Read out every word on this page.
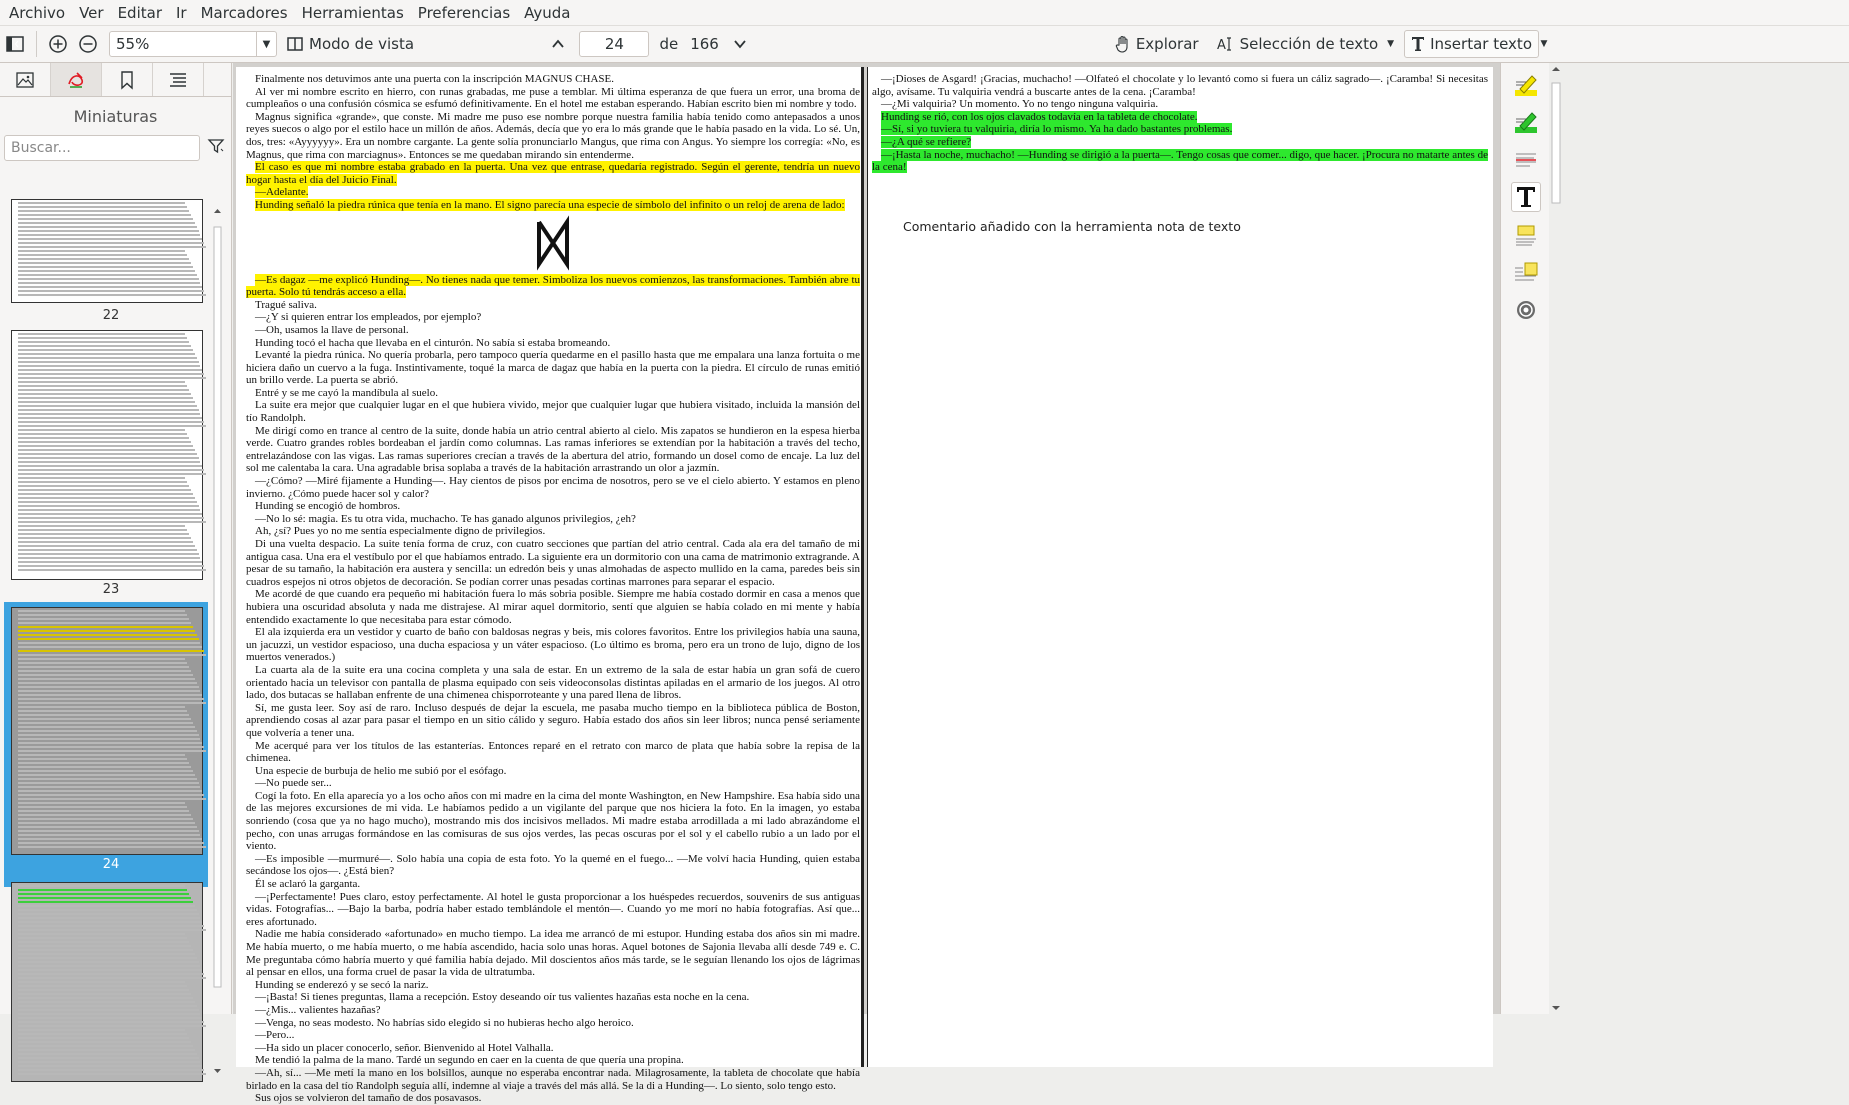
Archivo Ver Editar Ir Marcadores Herramientas Preferencias Ayuda
55%	▼	Modo de vista	24	de 166	Explorar A Selección de texto ▼ Insertar texto ▼
Miniaturas
Buscar...
22
23
24
Finalmente nos detuvimos ante una puerta con la inscripción MAGNUS CHASE.
Al ver mi nombre escrito en hierro, con runas grabadas, me puse a temblar. Mi última esperanza de que fuera un error, una broma de cumpleaños o una confusión cósmica se esfumó definitivamente. En el hotel me estaban esperando. Habían escrito bien mi nombre y todo.
Magnus significa «grande», que conste. Mi madre me puso ese nombre porque nuestra familia había tenido como antepasados a unos reyes suecos o algo por el estilo hace un millón de años. Además, decía que yo era lo más grande que le había pasado en la vida. Lo sé. Un, dos, tres: «Ayyyyyy». Era un nombre cargante. La gente solía pronunciarlo Mangus, que rima con Angus. Yo siempre los corregía: «No, es Magnus, que rima con marciagnus». Entonces se me quedaban mirando sin entenderme.
El caso es que mi nombre estaba grabado en la puerta. Una vez que entrase, quedaría registrado. Según el gerente, tendría un nuevo hogar hasta el día del Juicio Final.
—Adelante.
Hunding señaló la piedra rúnica que tenía en la mano. El signo parecía una especie de símbolo del infinito o un reloj de arena de lado:
—Es dagaz —me explicó Hunding—. No tienes nada que temer. Simboliza los nuevos comienzos, las transformaciones. También abre tu puerta. Solo tú tendrás acceso a ella.
Tragué saliva.
—¿Y si quieren entrar los empleados, por ejemplo?
—Oh, usamos la llave de personal.
Hunding tocó el hacha que llevaba en el cinturón. No sabía si estaba bromeando.
Levanté la piedra rúnica. No quería probarla, pero tampoco quería quedarme en el pasillo hasta que me empalara una lanza fortuita o me hiciera daño un cuervo a la fuga. Instintivamente, toqué la marca de dagaz que había en la puerta con la piedra. El círculo de runas emitió un brillo verde. La puerta se abrió.
Entré y se me cayó la mandíbula al suelo.
La suite era mejor que cualquier lugar en el que hubiera vivido, mejor que cualquier lugar que hubiera visitado, incluida la mansión del tío Randolph.
Me dirigí como en trance al centro de la suite, donde había un atrio central abierto al cielo. Mis zapatos se hundieron en la espesa hierba verde. Cuatro grandes robles bordeaban el jardín como columnas. Las ramas inferiores se extendían por la habitación a través del techo, entrelazándose con las vigas. Las ramas superiores crecían a través de la abertura del atrio, formando un dosel como de encaje. La luz del sol me calentaba la cara. Una agradable brisa soplaba a través de la habitación arrastrando un olor a jazmín.
—¿Cómo? —Miré fijamente a Hunding—. Hay cientos de pisos por encima de nosotros, pero se ve el cielo abierto. Y estamos en pleno invierno. ¿Cómo puede hacer sol y calor?
Hunding se encogió de hombros.
—No lo sé: magia. Es tu otra vida, muchacho. Te has ganado algunos privilegios, ¿eh?
Ah, ¿sí? Pues yo no me sentía especialmente digno de privilegios.
Di una vuelta despacio. La suite tenía forma de cruz, con cuatro secciones que partían del atrio central. Cada ala era del tamaño de mi antigua casa. Una era el vestíbulo por el que habíamos entrado. La siguiente era un dormitorio con una cama de matrimonio extragrande. A pesar de su tamaño, la habitación era austera y sencilla: un edredón beis y unas almohadas de aspecto mullido en la cama, paredes beis sin cuadros espejos ni otros objetos de decoración. Se podían correr unas pesadas cortinas marrones para separar el espacio.
Me acordé de que cuando era pequeño mi habitación fuera lo más sobria posible. Siempre me había costado dormir en casa a menos que hubiera una oscuridad absoluta y nada me distrajese. Al mirar aquel dormitorio, sentí que alguien se había colado en mi mente y había entendido exactamente lo que necesitaba para estar cómodo.
El ala izquierda era un vestidor y cuarto de baño con baldosas negras y beis, mis colores favoritos. Entre los privilegios había una sauna, un jacuzzi, un vestidor espacioso, una ducha espaciosa y un váter espacioso. (Lo último es broma, pero era un trono de lujo, digno de los muertos venerados.)
La cuarta ala de la suite era una cocina completa y una sala de estar. En un extremo de la sala de estar había un gran sofá de cuero orientado hacia un televisor con pantalla de plasma equipado con seis videoconsolas distintas apiladas en el armario de los juegos. Al otro lado, dos butacas se hallaban enfrente de una chimenea chisporroteante y una pared llena de libros.
Sí, me gusta leer. Soy así de raro. Incluso después de dejar la escuela, me pasaba mucho tiempo en la biblioteca pública de Boston, aprendiendo cosas al azar para pasar el tiempo en un sitio cálido y seguro. Había estado dos años sin leer libros; nunca pensé seriamente que volvería a tener una.
Me acerqué para ver los títulos de las estanterías. Entonces reparé en el retrato con marco de plata que había sobre la repisa de la chimenea.
Una especie de burbuja de helio me subió por el esófago.
—No puede ser...
Cogí la foto. En ella aparecía yo a los ocho años con mi madre en la cima del monte Washington, en New Hampshire. Esa había sido una de las mejores excursiones de mi vida. Le habíamos pedido a un vigilante del parque que nos hiciera la foto. En la imagen, yo estaba sonriendo (cosa que ya no hago mucho), mostrando mis dos incisivos mellados. Mi madre estaba arrodillada a mi lado abrazándome el pecho, con unas arrugas formándose en las comisuras de sus ojos verdes, las pecas oscuras por el sol y el cabello rubio a un lado por el viento.
—Es imposible —murmuré—. Solo había una copia de esta foto. Yo la quemé en el fuego... —Me volví hacia Hunding, quien estaba secándose los ojos—. ¿Está bien?
Él se aclaró la garganta.
—¡Perfectamente! Pues claro, estoy perfectamente. Al hotel le gusta proporcionar a los huéspedes recuerdos, souvenirs de sus antiguas vidas. Fotografías... —Bajo la barba, podría haber estado temblándole el mentón—. Cuando yo me morí no había fotografías. Así que... eres afortunado.
Nadie me había considerado «afortunado» en mucho tiempo. La idea me arrancó de mi estupor. Hunding estaba dos años sin mi madre. Me había muerto, o me había muerto, o me había ascendido, hacia solo unas horas. Aquel botones de Sajonia llevaba allí desde 749 e. C. Me preguntaba cómo habría muerto y qué familia había dejado. Mil doscientos años más tarde, se le seguían llenando los ojos de lágrimas al pensar en ellos, una forma cruel de pasar la vida de ultratumba.
Hunding se enderezó y se secó la nariz.
—¡Basta! Si tienes preguntas, llama a recepción. Estoy deseando oír tus valientes hazañas esta noche en la cena.
—¿Mis... valientes hazañas?
—Venga, no seas modesto. No habrías sido elegido si no hubieras hecho algo heroico.
—Pero...
—Ha sido un placer conocerlo, señor. Bienvenido al Hotel Valhalla.
Me tendió la palma de la mano. Tardé un segundo en caer en la cuenta de que quería una propina.
—Ah, sí... —Me metí la mano en los bolsillos, aunque no esperaba encontrar nada. Milagrosamente, la tableta de chocolate que había birlado en la casa del tío Randolph seguía allí, indemne al viaje a través del más allá. Se la di a Hunding—. Lo siento, solo tengo esto.
Sus ojos se volvieron del tamaño de dos posavasos.
—¡Dioses de Asgard! ¡Gracias, muchacho! —Olfateó el chocolate y lo levantó como si fuera un cáliz sagrado—. ¡Caramba! Si necesitas algo, avísame. Tu valquiria vendrá a buscarte antes de la cena. ¡Caramba!
—¿Mi valquiria? Un momento. Yo no tengo ninguna valquiria.
Hunding se rió, con los ojos clavados todavía en la tableta de chocolate.
—Sí, si yo tuviera tu valquiria, diría lo mismo. Ya ha dado bastantes problemas.
—¿A qué se refiere?
—¡Hasta la noche, muchacho! —Hunding se dirigió a la puerta—. Tengo cosas que comer... digo, que hacer. ¡Procura no matarte antes de la cena!
Comentario añadido con la herramienta nota de texto
